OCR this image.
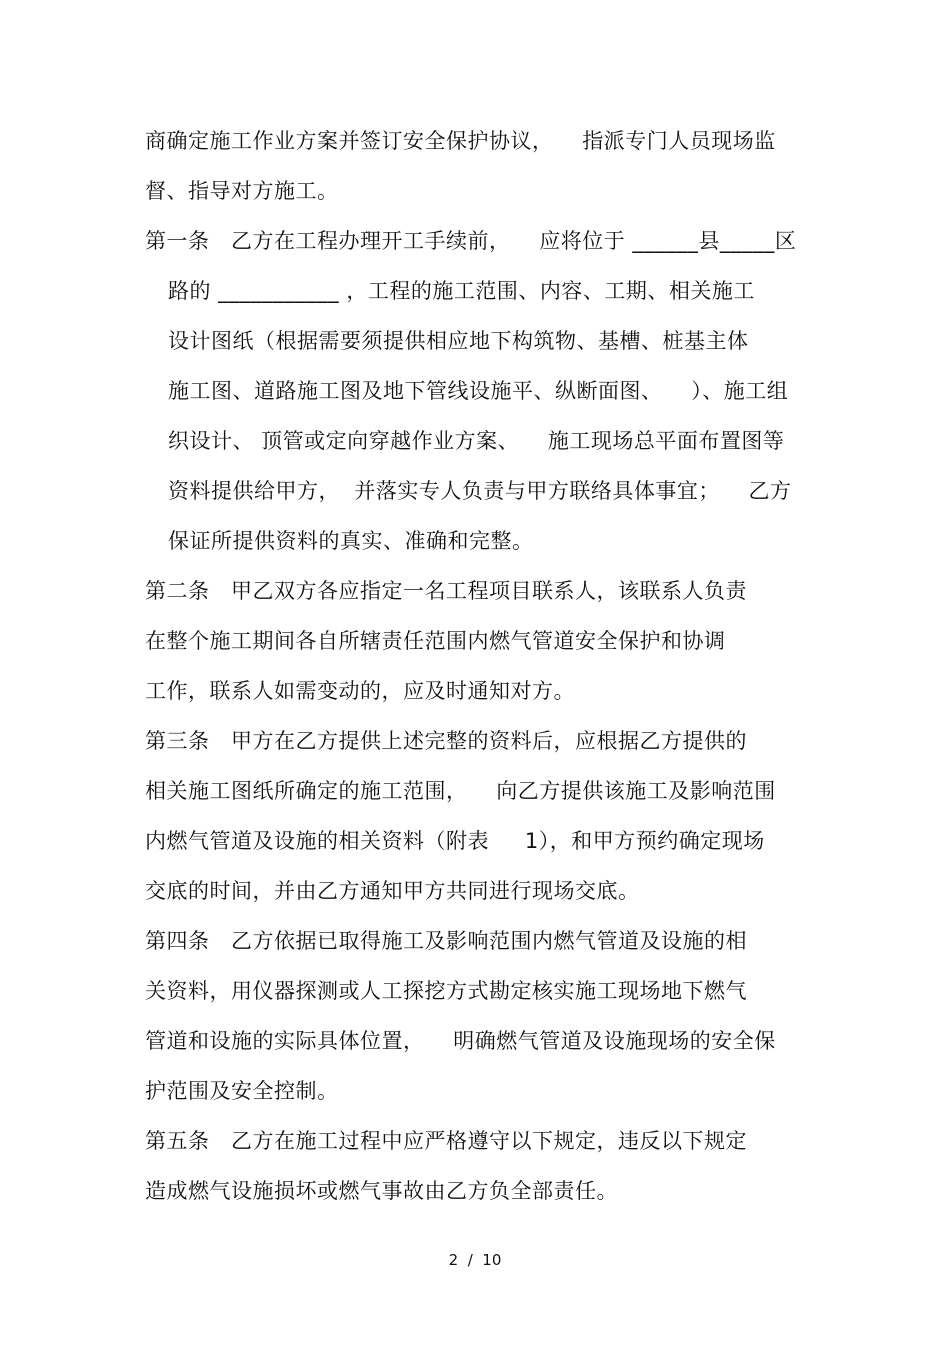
商确定施工作业方案并签订安全保护协议，    指派专门人员现场监
督、指导对方施工。
第一条   乙方在工程办理开工手续前，    应将位于 ______县_____区
路的 ___________ ，工程的施工范围、内容、工期、相关施工
设计图纸（根据需要须提供相应地下构筑物、基槽、桩基主体
施工图、道路施工图及地下管线设施平、纵断面图、    ）、施工组
织设计、 顶管或定向穿越作业方案、    施工现场总平面布置图等
资料提供给甲方，  并落实专人负责与甲方联络具体事宜；    乙方
保证所提供资料的真实、准确和完整。
第二条   甲乙双方各应指定一名工程项目联系人，该联系人负责
在整个施工期间各自所辖责任范围内燃气管道安全保护和协调
工作，联系人如需变动的，应及时通知对方。
第三条   甲方在乙方提供上述完整的资料后，应根据乙方提供的
相关施工图纸所确定的施工范围，    向乙方提供该施工及影响范围
内燃气管道及设施的相关资料（附表     1），和甲方预约确定现场
交底的时间，并由乙方通知甲方共同进行现场交底。
第四条   乙方依据已取得施工及影响范围内燃气管道及设施的相
关资料，用仪器探测或人工探挖方式勘定核实施工现场地下燃气
管道和设施的实际具体位置，    明确燃气管道及设施现场的安全保
护范围及安全控制。
第五条   乙方在施工过程中应严格遵守以下规定，违反以下规定
造成燃气设施损坏或燃气事故由乙方负全部责任。
2  /  10
